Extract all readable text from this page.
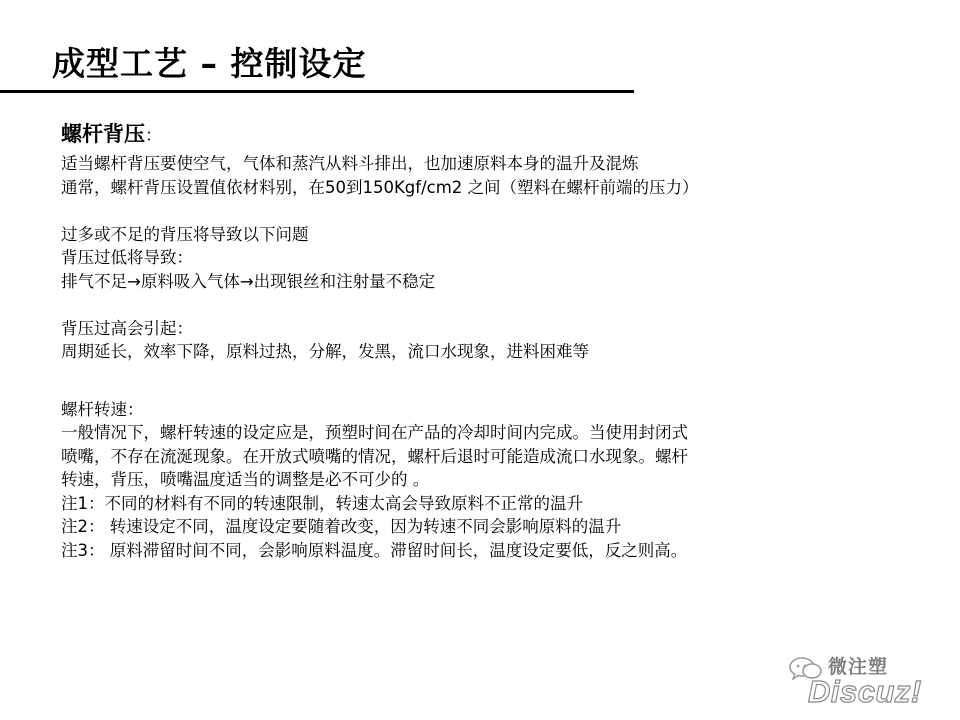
成型工艺 – 控制设定
螺杆背压：
适当螺杆背压要使空气，气体和蒸汽从料斗排出，也加速原料本身的温升及混炼
通常，螺杆背压设置值依材料别，在50到150Kgf/cm2 之间（塑料在螺杆前端的压力）
过多或不足的背压将导致以下问题
背压过低将导致：
排气不足→原料吸入气体→出现银丝和注射量不稳定
背压过高会引起：
周期延长，效率下降，原料过热，分解，发黑，流口水现象，进料困难等
螺杆转速：
一般情况下，螺杆转速的设定应是，预塑时间在产品的冷却时间内完成。当使用封闭式
喷嘴，不存在流涎现象。在开放式喷嘴的情况，螺杆后退时可能造成流口水现象。螺杆
转速，背压，喷嘴温度适当的调整是必不可少的 。
注1：不同的材料有不同的转速限制，转速太高会导致原料不正常的温升
注2： 转速设定不同，温度设定要随着改变，因为转速不同会影响原料的温升
注3： 原料滞留时间不同，会影响原料温度。滞留时间长，温度设定要低，反之则高。
微注塑
Discuz!
